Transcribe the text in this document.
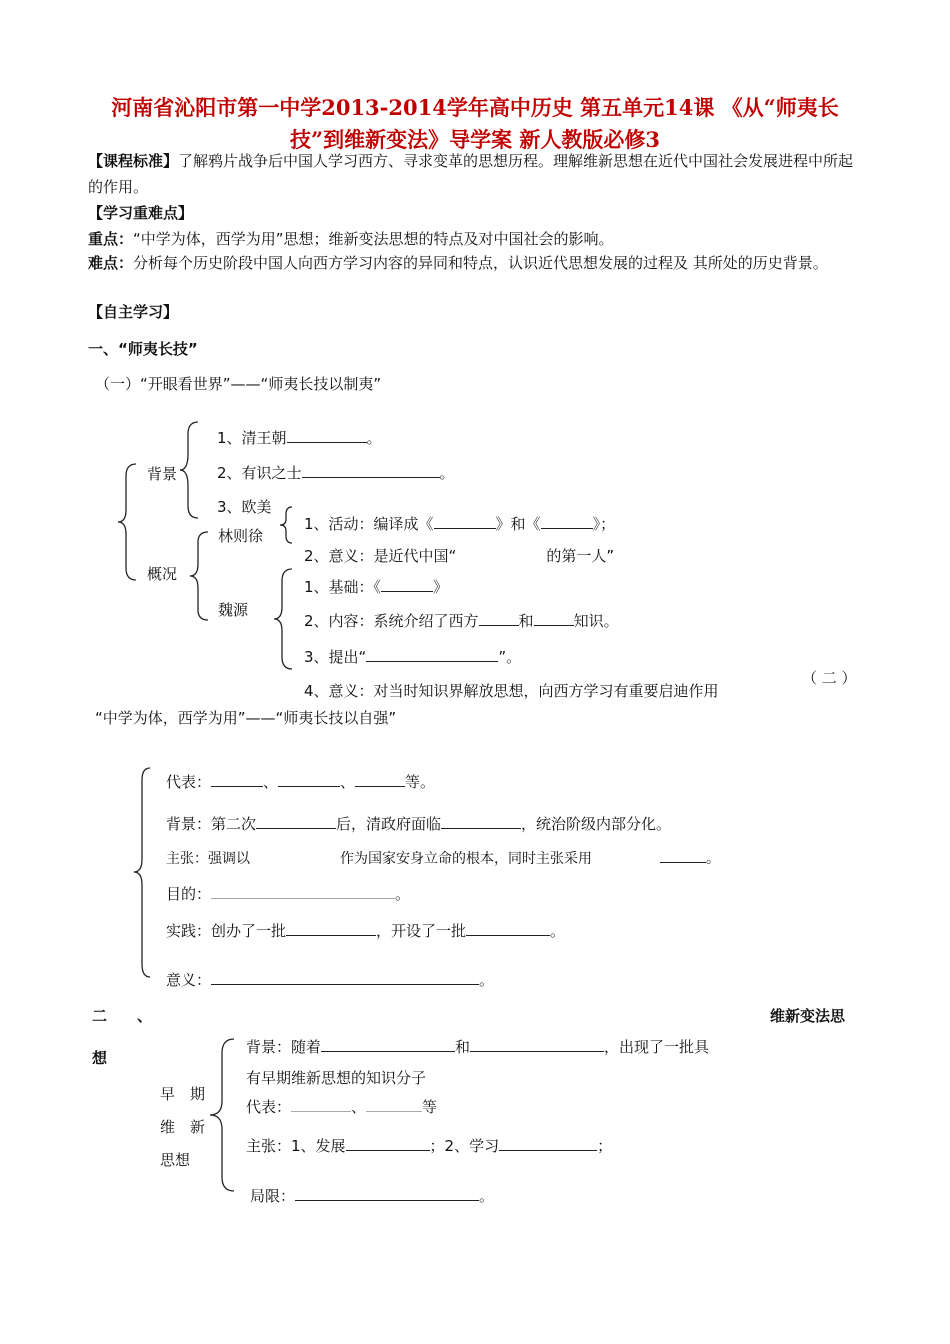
河南省沁阳市第一中学2013-2014学年高中历史 第五单元14课 《从“师夷长
技”到维新变法》导学案 新人教版必修3
【课程标准】了解鸦片战争后中国人学习西方、寻求变革的思想历程。理解维新思想在近代中国社会发展进程中所起的作用。
【学习重难点】
重点：“中学为体，西学为用”思想；维新变法思想的特点及对中国社会的影响。
难点：分析每个历史阶段中国人向西方学习内容的异同和特点，认识近代思想发展的过程及 其所处的历史背景。
【自主学习】
一、“师夷长技”
（一）“开眼看世界”——“师夷长技以制夷”
背景
1、清王朝	。
2、有识之士	。
3、欧美
概况
林则徐
1、活动：编译成《	》和《	》；
2、意义：是近代中国“　　　　　　的第一人”
魏源
1、基础：《	》
2、内容：系统介绍了西方	和	知识。
3、提出“	”。
4、意义：对当时知识界解放思想，向西方学习有重要启迪作用
（ 二 ）
“中学为体，西学为用”——“师夷长技以自强”
代表：	、	、	等。
背景：第二次	后，清政府面临	，统治阶级内部分化。
主张：强调以	作为国家安身立命的根本，同时主张采用	。
目的：	。
实践：创办了一批	，开设了一批	。
意义：	。
二　　、	维新变法思
想
早　期
维　新
思想
背景：随着	和	，出现了一批具
有早期维新思想的知识分子
代表：	、	等
主张：1、发展	；2、学习	；
局限：	。
